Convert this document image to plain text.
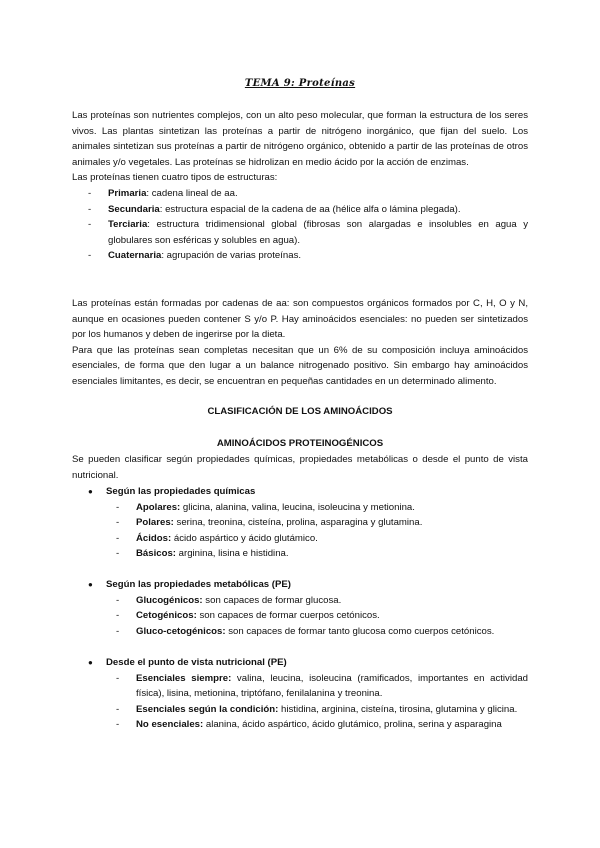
TEMA 9: Proteínas

Las proteínas son nutrientes complejos, con un alto peso molecular, que forman la estructura de los seres vivos. Las plantas sintetizan las proteínas a partir de nitrógeno inorgánico, que fijan del suelo. Los animales sintetizan sus proteínas a partir de nitrógeno orgánico, obtenido a partir de las proteínas de otros animales y/o vegetales. Las proteínas se hidrolizan en medio ácido por la acción de enzimas.

Las proteínas tienen cuatro tipos de estructuras:

- Primaria: cadena lineal de aa.
- Secundaria: estructura espacial de la cadena de aa (hélice alfa o lámina plegada).
- Terciaria: estructura tridimensional global (fibrosas son alargadas e insolubles en agua y globulares son esféricas y solubles en agua).
- Cuaternaria: agrupación de varias proteínas.

Las proteínas están formadas por cadenas de aa: son compuestos orgánicos formados por C, H, O y N, aunque en ocasiones pueden contener S y/o P. Hay aminoácidos esenciales: no pueden ser sintetizados por los humanos y deben de ingerirse por la dieta.

Para que las proteínas sean completas necesitan que un 6% de su composición incluya aminoácidos esenciales, de forma que den lugar a un balance nitrogenado positivo. Sin embargo hay aminoácidos esenciales limitantes, es decir, se encuentran en pequeñas cantidades en un determinado alimento.

CLASIFICACIÓN DE LOS AMINOÁCIDOS
AMINOÁCIDOS PROTEINOGÉNICOS
Se pueden clasificar según propiedades químicas, propiedades metabólicas o desde el punto de vista nutricional.
● Según las propiedades químicas
- Apolares: glicina, alanina, valina, leucina, isoleucina y metionina.
- Polares: serina, treonina, cisteína, prolina, asparagina y glutamina.
- Ácidos: ácido aspártico y ácido glutámico.
- Básicos: arginina, lisina e histidina.
● Según las propiedades metabólicas (PE)
- Glucogénicos: son capaces de formar glucosa.
- Cetogénicos: son capaces de formar cuerpos cetónicos.
- Gluco-cetogénicos: son capaces de formar tanto glucosa como cuerpos cetónicos.
● Desde el punto de vista nutricional (PE)
- Esenciales siempre: valina, leucina, isoleucina (ramificados, importantes en actividad física), lisina, metionina, triptófano, fenilalanina y treonina.
- Esenciales según la condición: histidina, arginina, cisteína, tirosina, glutamina y glicina.
- No esenciales: alanina, ácido aspártico, ácido glutámico, prolina, serina y asparagina
